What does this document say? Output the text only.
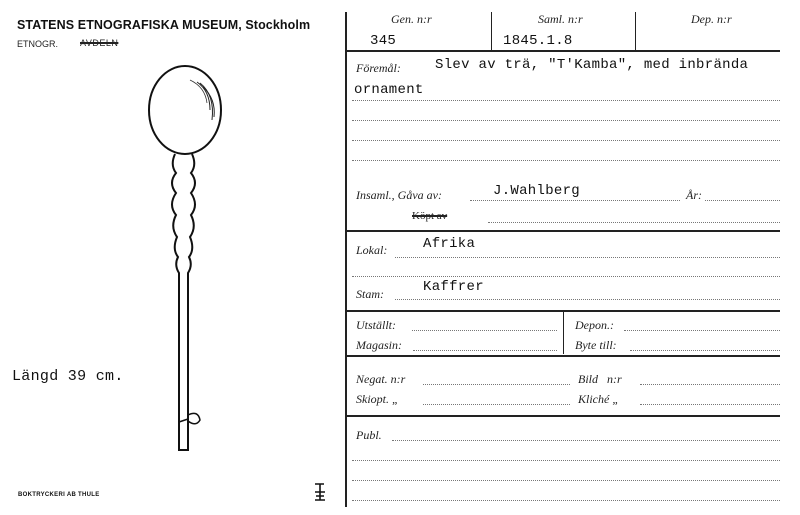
STATENS ETNOGRAFISKA MUSEUM, Stockholm
ETNOGR. AVDELN
Längd 39 cm.
BOKTRYCKERI AB THULE
Gen. n:r	Saml. n:r	Dep. n:r
345	1845.1.8
Föremål: Slev av trä, "T'Kamba", med inbrända
ornament
Insaml., Gåva av:	J.Wahlberg	År:
Köpt av
Lokal:	Afrika
Stam:	Kaffrer
Utställt:	Depon.:
Magasin:	Byte till:
Negat. n:r	Bild   n:r
Skiopt. „	Kliché „
Publ.
